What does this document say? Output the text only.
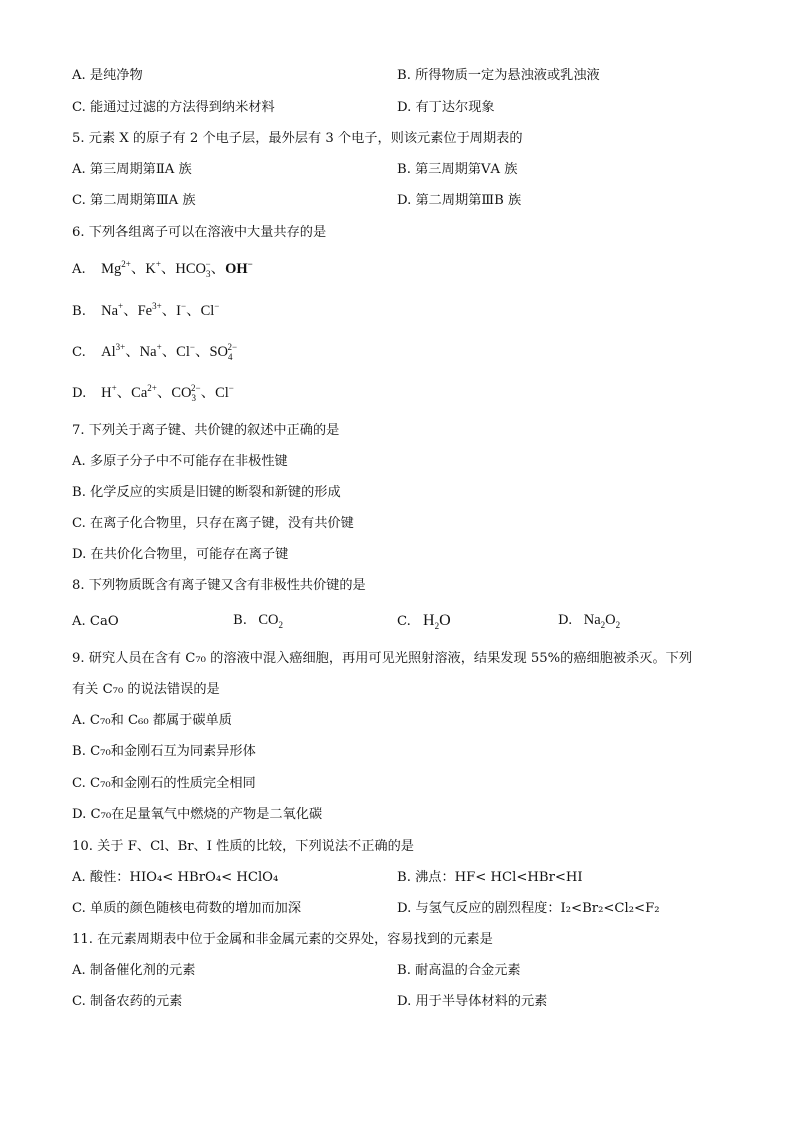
A. 是纯净物	B. 所得物质一定为悬浊液或乳浊液
C. 能通过过滤的方法得到纳米材料	D. 有丁达尔现象
5. 元素 X 的原子有 2 个电子层，最外层有 3 个电子，则该元素位于周期表的
A. 第三周期第ⅡA 族	B. 第三周期第ⅤA 族
C. 第二周期第ⅢA 族	D. 第二周期第ⅢB 族
6. 下列各组离子可以在溶液中大量共存的是
A.  $Mg^{2+}$、K+、$HCO_3^-$、OH−
B.  Na+、$Fe^{3+}$、I−、Cl−
C.  $Al^{3+}$、Na+、Cl−、$SO_4^{2-}$
D.  H+、$Ca^{2+}$、$CO_3^{2-}$、Cl−
7. 下列关于离子键、共价键的叙述中正确的是
A. 多原子分子中不可能存在非极性键
B. 化学反应的实质是旧键的断裂和新键的形成
C. 在离子化合物里，只存在离子键，没有共价键
D. 在共价化合物里，可能存在离子键
8. 下列物质既含有离子键又含有非极性共价键的是
A. CaO	B.  $CO_2$	C.  $H_2O$	D.  $Na_2O_2$
9. 研究人员在含有 C₇₀ 的溶液中混入癌细胞，再用可见光照射溶液，结果发现 55%的癌细胞被杀灭。下列
有关 C₇₀ 的说法错误的是
A. C₇₀和 C₆₀ 都属于碳单质
B. C₇₀和金刚石互为同素异形体
C. C₇₀和金刚石的性质完全相同
D. C₇₀在足量氧气中燃烧的产物是二氧化碳
10. 关于 F、Cl、Br、I 性质的比较，下列说法不正确的是
A. 酸性：HIO₄< HBrO₄< HClO₄	B. 沸点：HF< HCl<HBr<HI
C. 单质的颜色随核电荷数的增加而加深	D. 与氢气反应的剧烈程度：I₂<Br₂<Cl₂<F₂
11. 在元素周期表中位于金属和非金属元素的交界处，容易找到的元素是
A. 制备催化剂的元素	B. 耐高温的合金元素
C. 制备农药的元素	D. 用于半导体材料的元素
